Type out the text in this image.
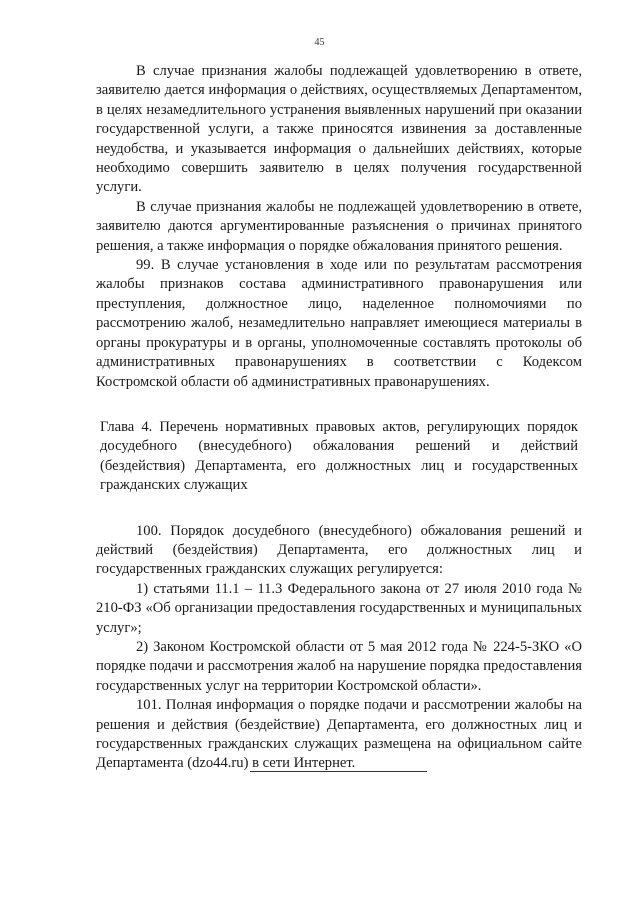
45

В случае признания жалобы подлежащей удовлетворению в ответе, заявителю дается информация о действиях, осуществляемых Департаментом, в целях незамедлительного устранения выявленных нарушений при оказании государственной услуги, а также приносятся извинения за доставленные неудобства, и указывается информация о дальнейших действиях, которые необходимо совершить заявителю в целях получения государственной услуги.

В случае признания жалобы не подлежащей удовлетворению в ответе, заявителю даются аргументированные разъяснения о причинах принятого решения, а также информация о порядке обжалования принятого решения.

99. В случае установления в ходе или по результатам рассмотрения жалобы признаков состава административного правонарушения или преступления, должностное лицо, наделенное полномочиями по рассмотрению жалоб, незамедлительно направляет имеющиеся материалы в органы прокуратуры и в органы, уполномоченные составлять протоколы об административных правонарушениях в соответствии с Кодексом Костромской области об административных правонарушениях.

Глава 4. Перечень нормативных правовых актов, регулирующих порядок досудебного (внесудебного) обжалования решений и действий (бездействия) Департамента, его должностных лиц и государственных гражданских служащих

100. Порядок досудебного (внесудебного) обжалования решений и действий (бездействия) Департамента, его должностных лиц и государственных гражданских служащих регулируется:

1) статьями 11.1 – 11.3 Федерального закона от 27 июля 2010 года № 210-ФЗ «Об организации предоставления государственных и муниципальных услуг»;

2) Законом Костромской области от 5 мая 2012 года № 224-5-ЗКО «О порядке подачи и рассмотрения жалоб на нарушение порядка предоставления государственных услуг на территории Костромской области».

101. Полная информация о порядке подачи и рассмотрении жалобы на решения и действия (бездействие) Департамента, его должностных лиц и государственных гражданских служащих размещена на официальном сайте Департамента (dzo44.ru) в сети Интернет.
